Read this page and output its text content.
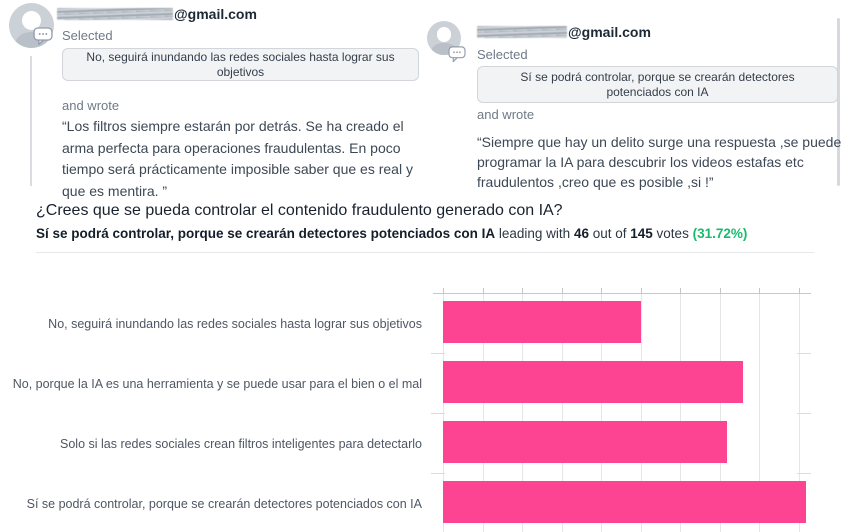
@gmail.com
Selected
No, seguirá inundando las redes sociales hasta lograr sus objetivos
and wrote
“Los filtros siempre estarán por detrás. Se ha creado el arma perfecta para operaciones fraudulentas. En poco tiempo será prácticamente imposible saber que es real y que es mentira. ”
@gmail.com
Selected
Sí se podrá controlar, porque se crearán detectores potenciados con IA
and wrote
“Siempre que hay un delito surge una respuesta ,se puede programar la IA para descubrir los videos estafas etc fraudulentos ,creo que es posible ,si !”
¿Crees que se pueda controlar el contenido fraudulento generado con IA?
Sí se podrá controlar, porque se crearán detectores potenciados con IA leading with 46 out of 145 votes (31.72%)
No, seguirá inundando las redes sociales hasta lograr sus objetivos
No, porque la IA es una herramienta y se puede usar para el bien o el mal
Solo si las redes sociales crean filtros inteligentes para detectarlo
Sí se podrá controlar, porque se crearán detectores potenciados con IA
